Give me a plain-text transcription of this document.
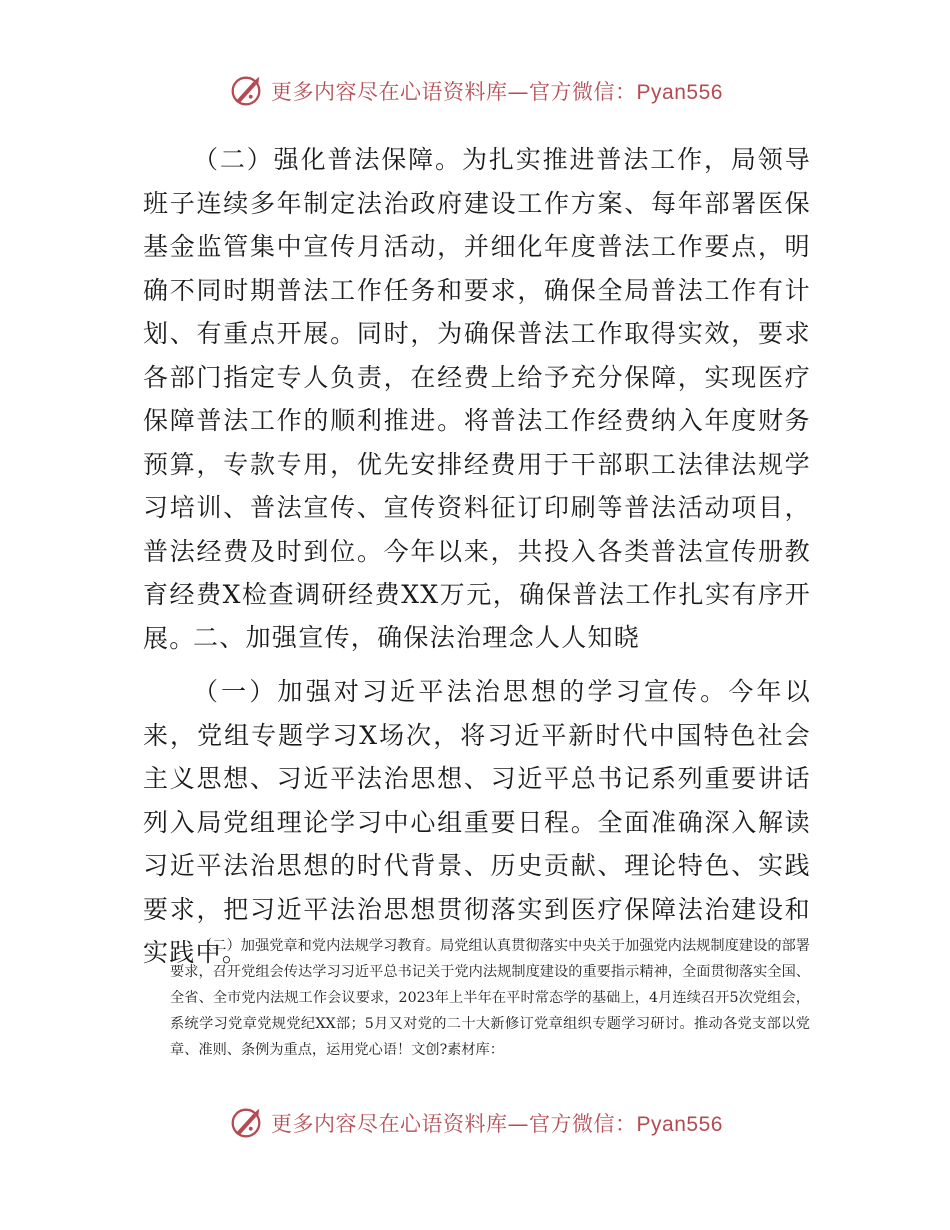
更多内容尽在心语资料库—官方微信：Pyan556

（二）强化普法保障。为扎实推进普法工作，局领导班子连续多年制定法治政府建设工作方案、每年部署医保基金监管集中宣传月活动，并细化年度普法工作要点，明确不同时期普法工作任务和要求，确保全局普法工作有计划、有重点开展。同时，为确保普法工作取得实效，要求各部门指定专人负责，在经费上给予充分保障，实现医疗保障普法工作的顺利推进。将普法工作经费纳入年度财务预算，专款专用，优先安排经费用于干部职工法律法规学习培训、普法宣传、宣传资料征订印刷等普法活动项目，普法经费及时到位。今年以来，共投入各类普法宣传册教育经费X检查调研经费XX万元，确保普法工作扎实有序开展。

二、加强宣传，确保法治理念人人知晓

（一）加强对习近平法治思想的学习宣传。今年以来，党组专题学习X场次，将习近平新时代中国特色社会主义思想、习近平法治思想、习近平总书记系列重要讲话列入局党组理论学习中心组重要日程。全面准确深入解读习近平法治思想的时代背景、历史贡献、理论特色、实践要求，把习近平法治思想贯彻落实到医疗保障法治建设和实践中。

（二）加强党章和党内法规学习教育。局党组认真贯彻落实中央关于加强党内法规制度建设的部署要求，召开党组会传达学习习近平总书记关于党内法规制度建设的重要指示精神，全面贯彻落实全国、全省、全市党内法规工作会议要求，2023年上半年在平时常态学的基础上，4月连续召开5次党组会，系统学习党章党规党纪XX部；5月又对党的二十大新修订党章组织专题学习研讨。推动各党支部以党章、准则、条例为重点，运用党心语！文创?素材库：

更多内容尽在心语资料库—官方微信：Pyan556
